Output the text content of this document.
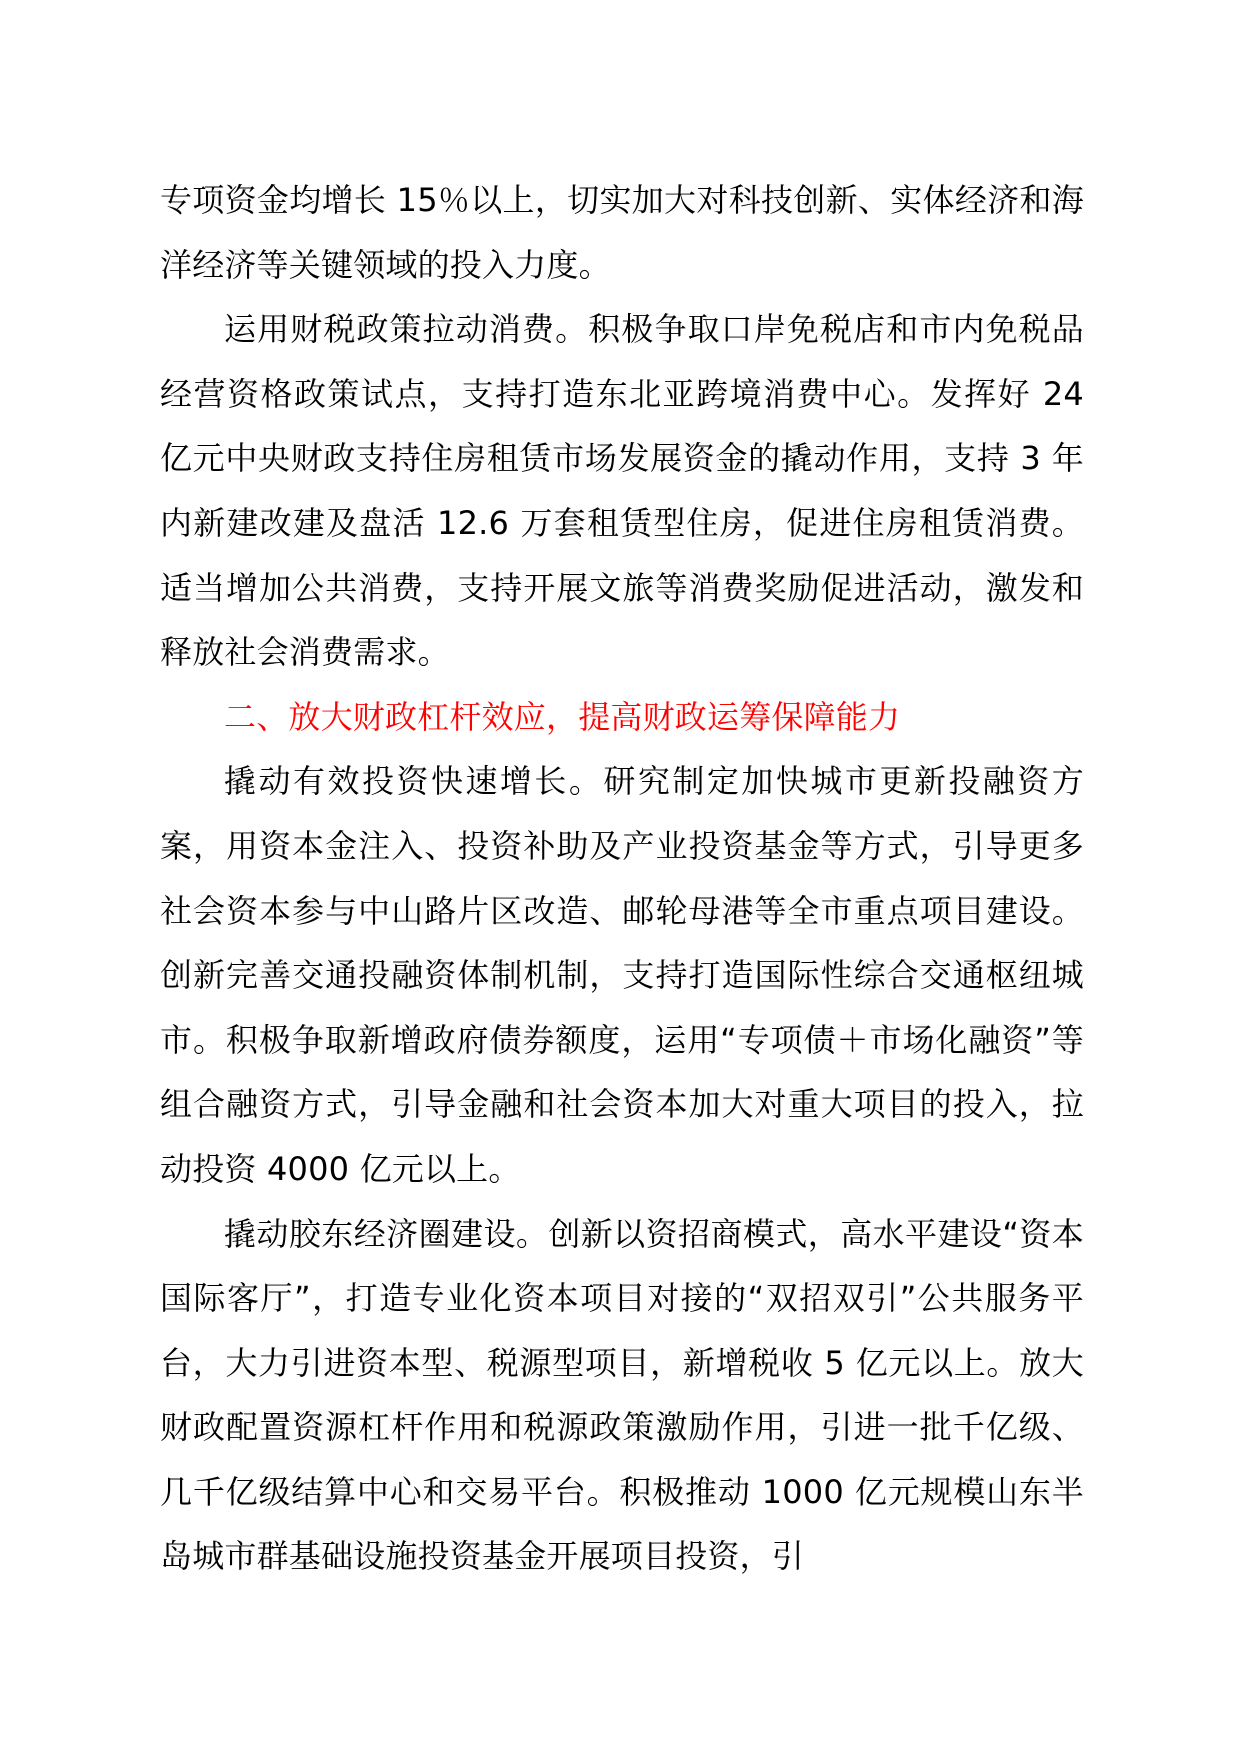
专项资金均增长 15％以上，切实加大对科技创新、实体经济和海洋经济等关键领域的投入力度。

运用财税政策拉动消费。积极争取口岸免税店和市内免税品经营资格政策试点，支持打造东北亚跨境消费中心。发挥好 24 亿元中央财政支持住房租赁市场发展资金的撬动作用，支持 3 年内新建改建及盘活 12.6 万套租赁型住房，促进住房租赁消费。适当增加公共消费，支持开展文旅等消费奖励促进活动，激发和释放社会消费需求。

二、放大财政杠杆效应，提高财政运筹保障能力

撬动有效投资快速增长。研究制定加快城市更新投融资方案，用资本金注入、投资补助及产业投资基金等方式，引导更多社会资本参与中山路片区改造、邮轮母港等全市重点项目建设。创新完善交通投融资体制机制，支持打造国际性综合交通枢纽城市。积极争取新增政府债券额度，运用“专项债＋市场化融资”等组合融资方式，引导金融和社会资本加大对重大项目的投入，拉动投资 4000 亿元以上。

撬动胶东经济圈建设。创新以资招商模式，高水平建设“资本国际客厅”，打造专业化资本项目对接的“双招双引”公共服务平台，大力引进资本型、税源型项目，新增税收 5 亿元以上。放大财政配置资源杠杆作用和税源政策激励作用，引进一批千亿级、几千亿级结算中心和交易平台。积极推动 1000 亿元规模山东半岛城市群基础设施投资基金开展项目投资，引
